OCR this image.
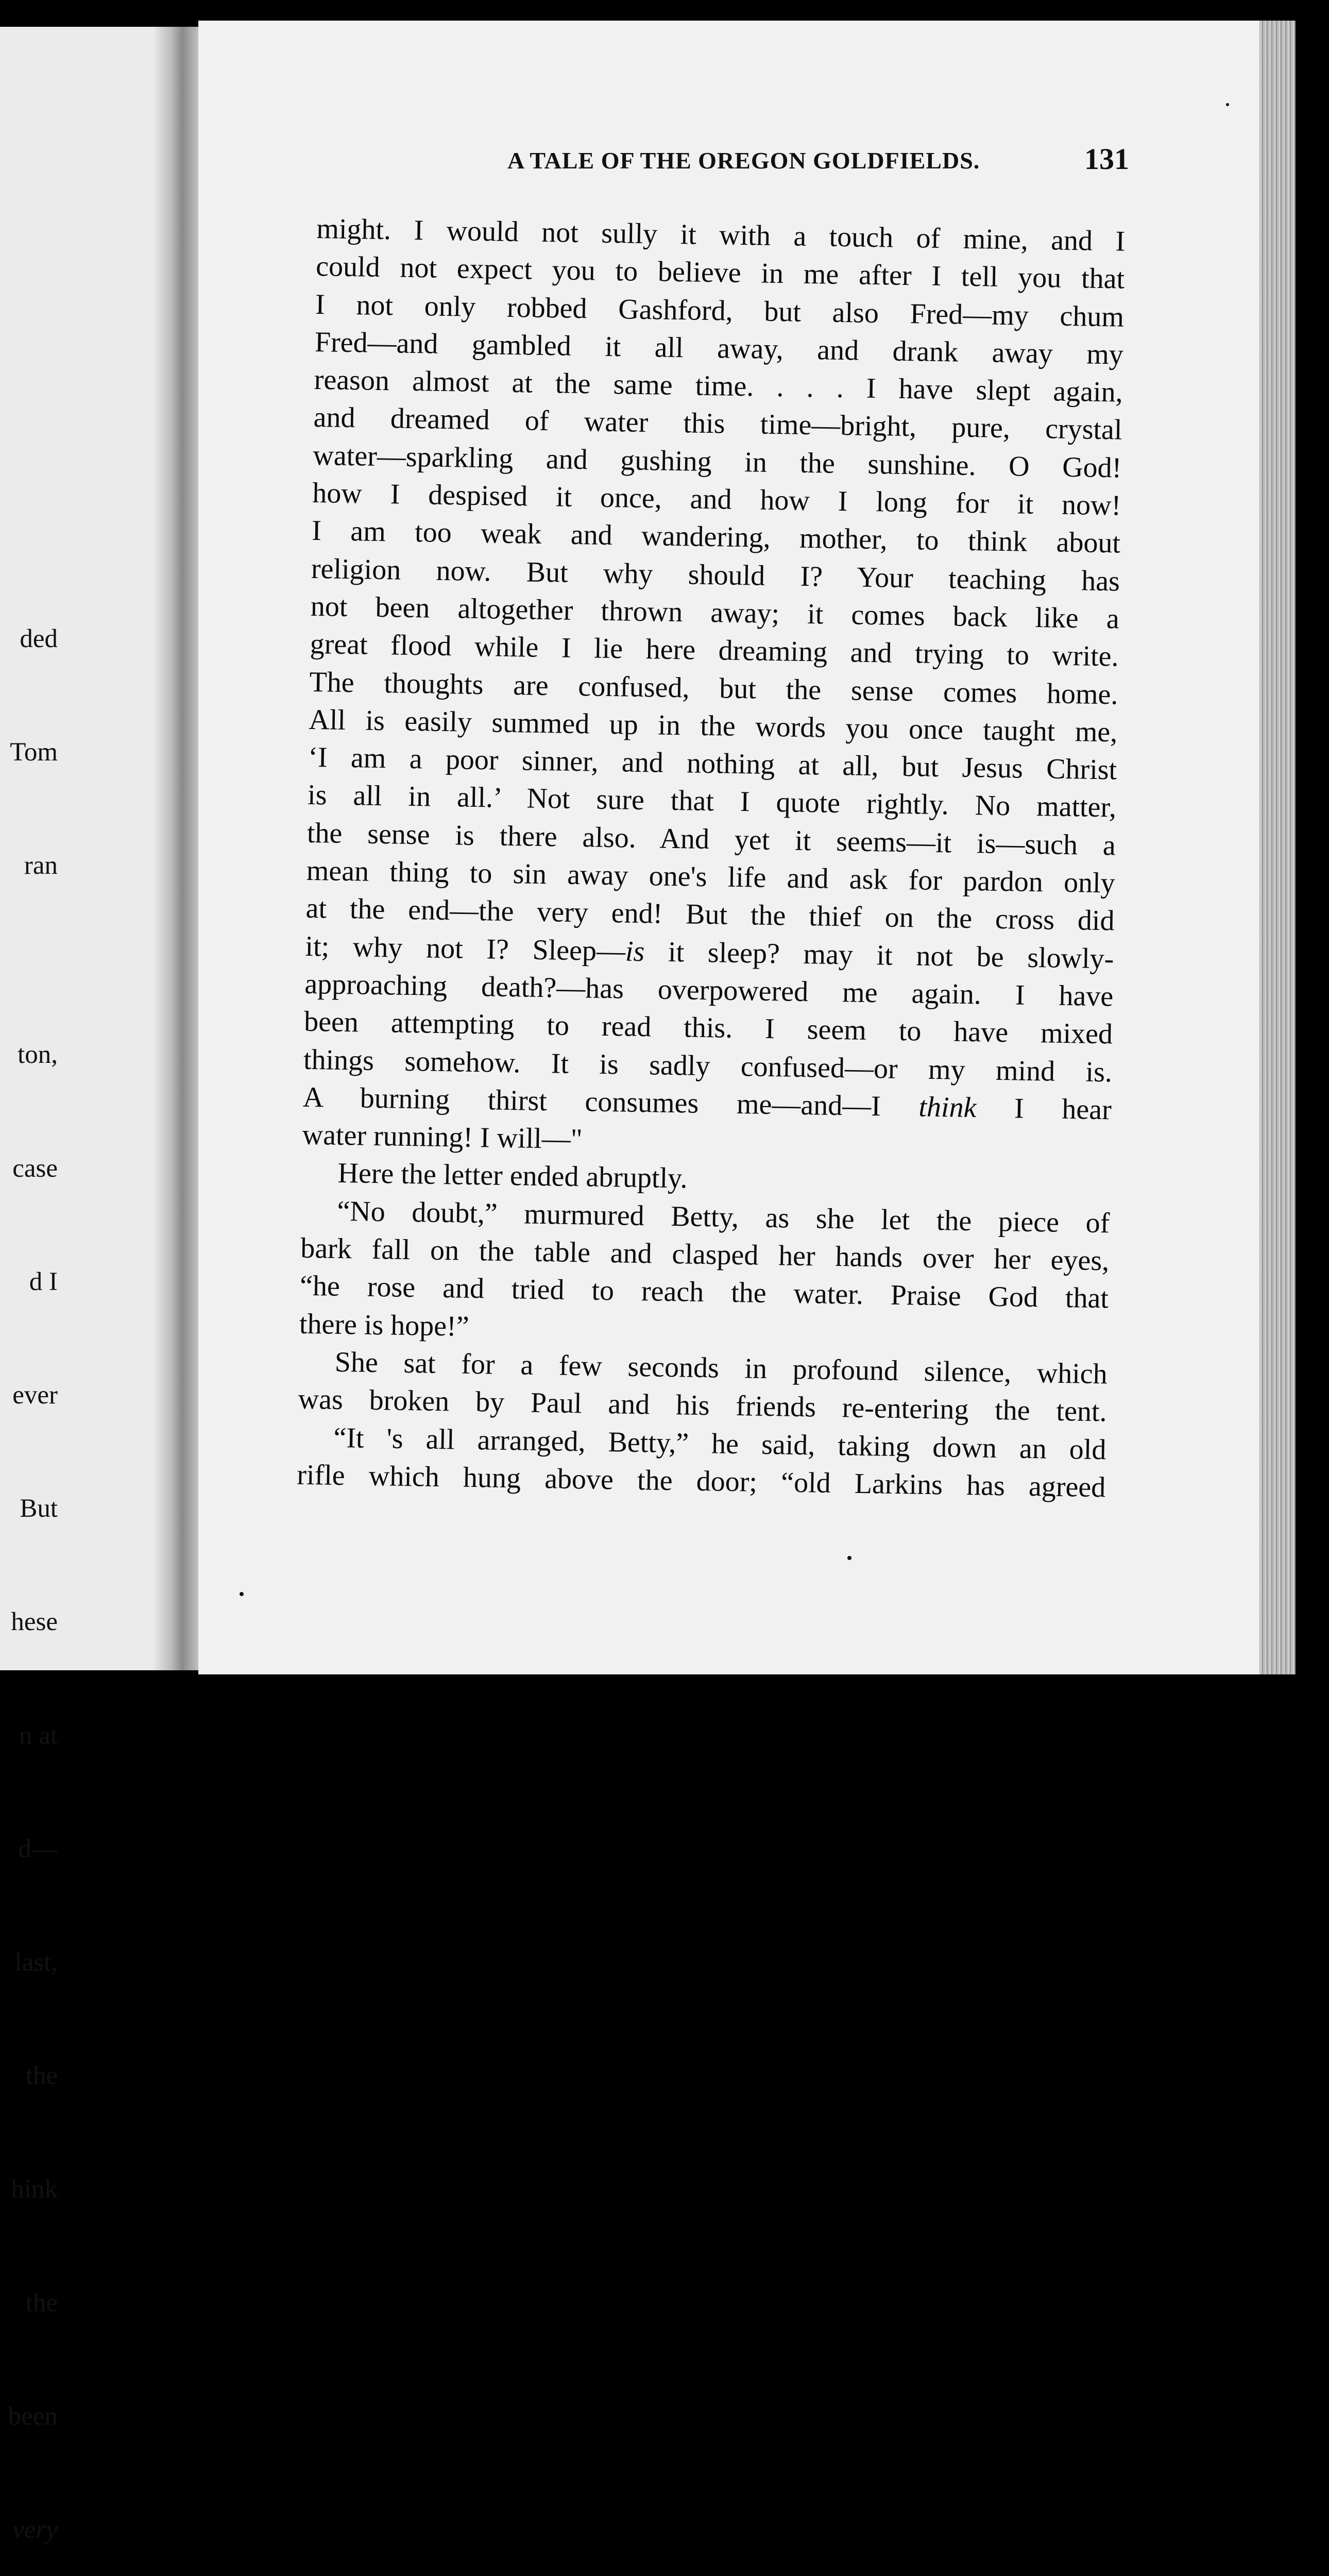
ded

Tom

ran

ton,

case

d I

ever

But

hese

n at

d—

last,

the

hink

the

been

very

A TALE OF THE OREGON GOLDFIELDS.	131
might. I would not sully it with a touch of mine, and I
could not expect you to believe in me after I tell you that
I not only robbed Gashford, but also Fred—my chum
Fred—and gambled it all away, and drank away my
reason almost at the same time. . . . I have slept again,
and dreamed of water this time—bright, pure, crystal
water—sparkling and gushing in the sunshine. O God!
how I despised it once, and how I long for it now!
I am too weak and wandering, mother, to think about
religion now. But why should I? Your teaching has
not been altogether thrown away; it comes back like a
great flood while I lie here dreaming and trying to write.
The thoughts are confused, but the sense comes home.
All is easily summed up in the words you once taught me,
‘I am a poor sinner, and nothing at all, but Jesus Christ
is all in all.’ Not sure that I quote rightly. No matter,
the sense is there also. And yet it seems—it is—such a
mean thing to sin away one's life and ask for pardon only
at the end—the very end! But the thief on the cross did
it; why not I? Sleep—is it sleep? may it not be slowly-
approaching death?—has overpowered me again. I have
been attempting to read this. I seem to have mixed
things somehow. It is sadly confused—or my mind is.
A burning thirst consumes me—and—I think I hear
water running! I will—"
Here the letter ended abruptly.
“No doubt,” murmured Betty, as she let the piece of
bark fall on the table and clasped her hands over her eyes,
“he rose and tried to reach the water. Praise God that
there is hope!”
She sat for a few seconds in profound silence, which
was broken by Paul and his friends re-entering the tent.
“It 's all arranged, Betty,” he said, taking down an old
rifle which hung above the door; “old Larkins has agreed
